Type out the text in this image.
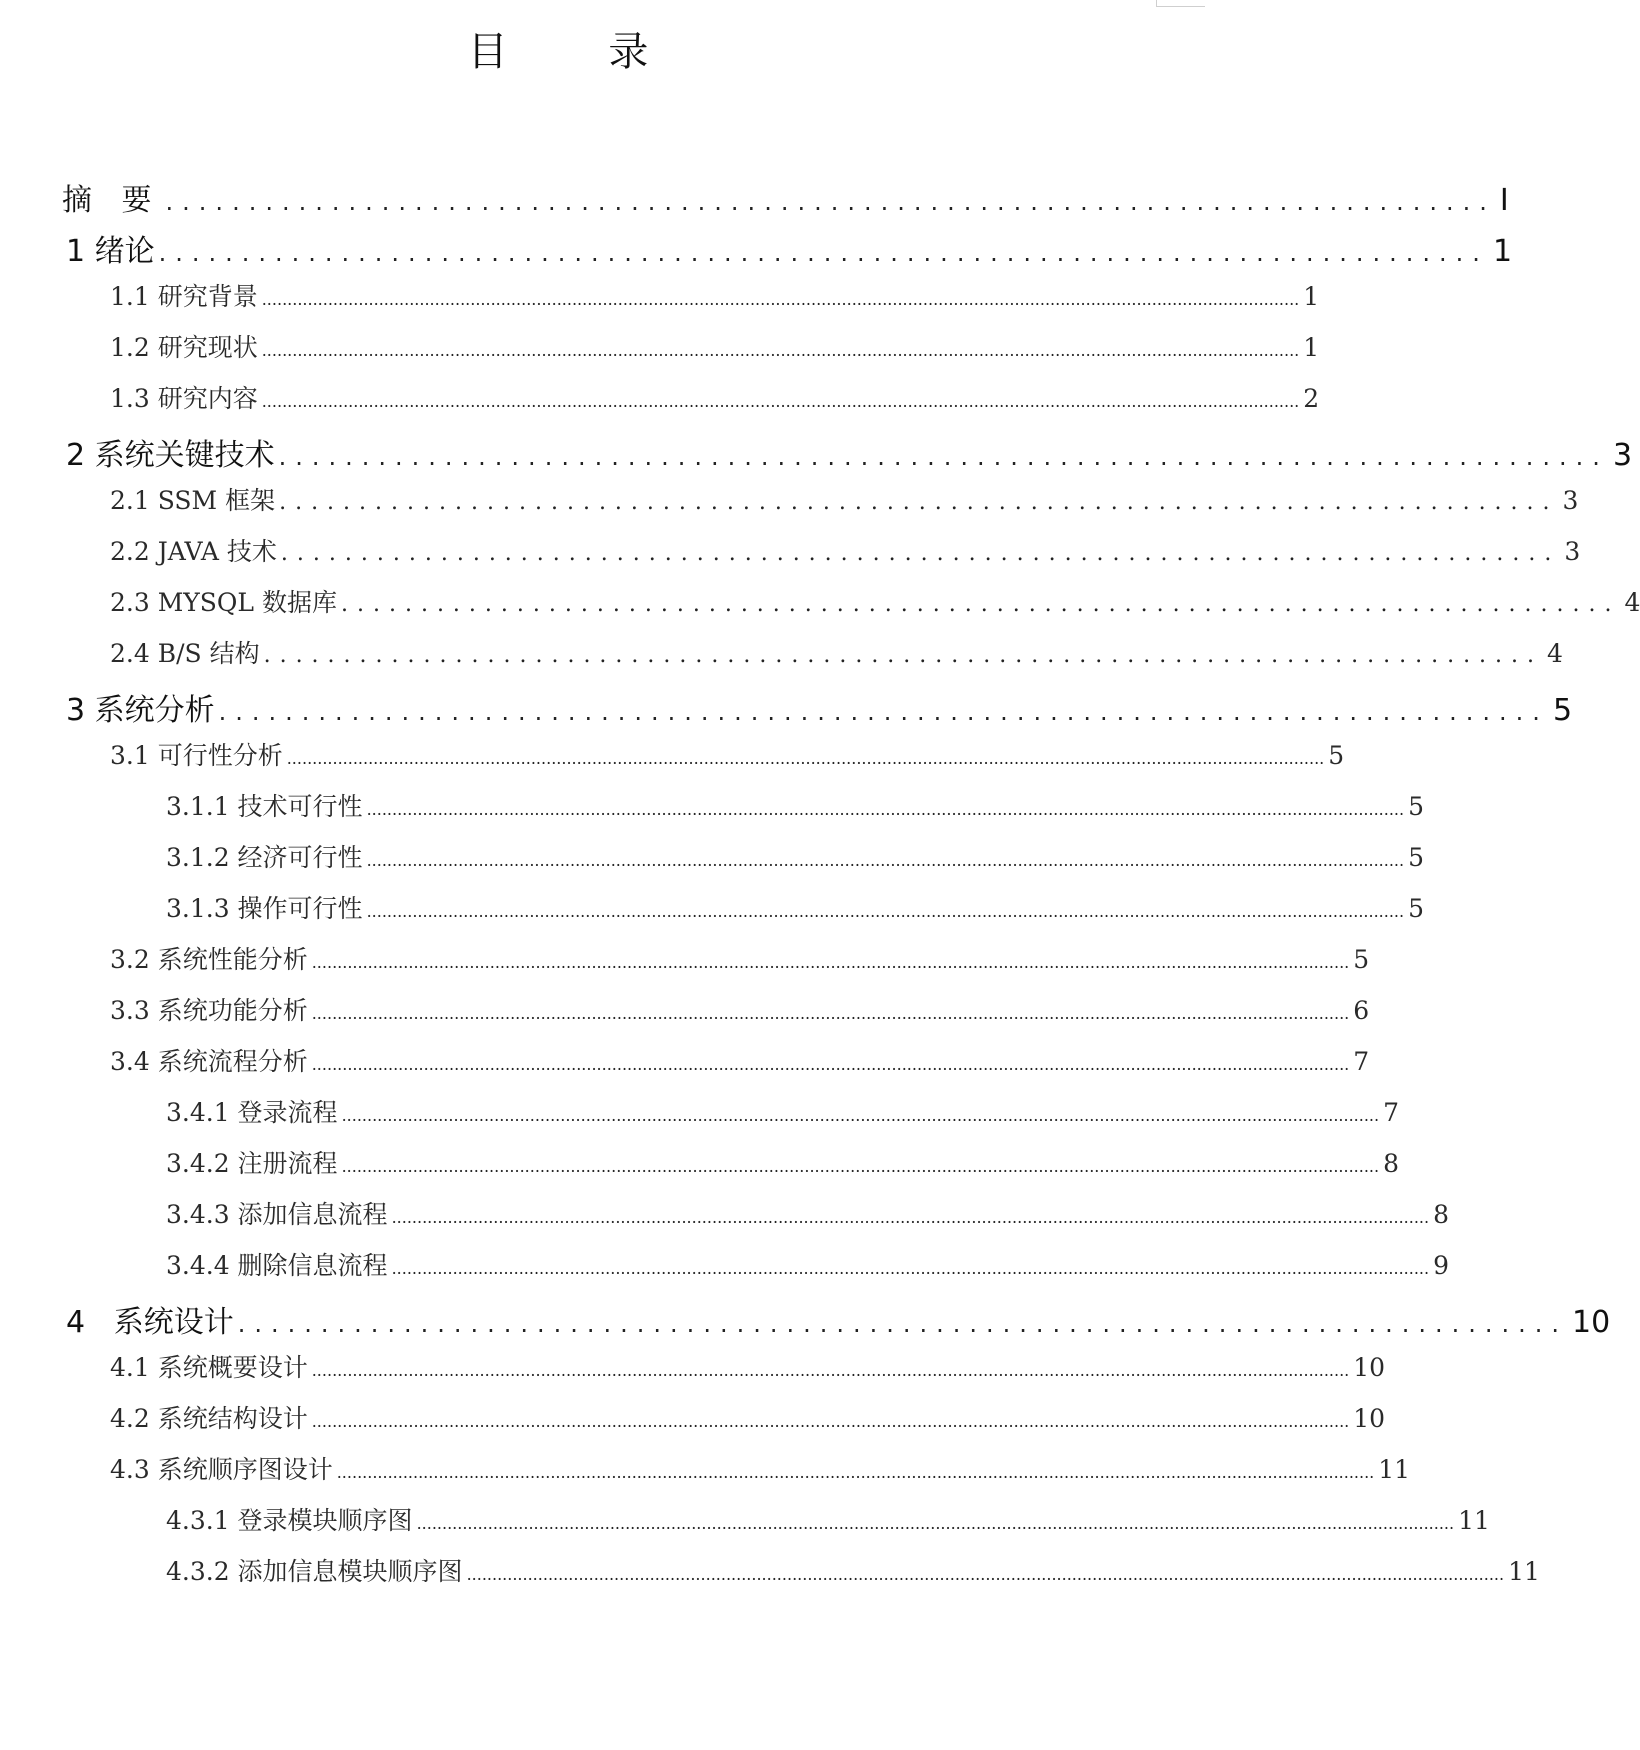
目 录
摘 要 ................................................................................ I
1 绪论 ................................................................................ 1
1.1 研究背景 ............................................................................................................................................................................................................ 1
1.2 研究现状 ............................................................................................................................................................................................................ 1
1.3 研究内容 ............................................................................................................................................................................................................ 2
2 系统关键技术 ................................................................................ 3
2.1 SSM 框架 ................................................................................ 3
2.2 JAVA 技术 ................................................................................ 3
2.3 MYSQL 数据库 ................................................................................ 4
2.4 B/S 结构 ................................................................................ 4
3 系统分析 ................................................................................ 5
3.1 可行性分析 ............................................................................................................................................................................................................ 5
3.1.1 技术可行性 ............................................................................................................................................................................................................ 5
3.1.2 经济可行性 ............................................................................................................................................................................................................ 5
3.1.3 操作可行性 ............................................................................................................................................................................................................ 5
3.2 系统性能分析 ............................................................................................................................................................................................................ 5
3.3 系统功能分析 ............................................................................................................................................................................................................ 6
3.4 系统流程分析 ............................................................................................................................................................................................................ 7
3.4.1 登录流程 ............................................................................................................................................................................................................ 7
3.4.2 注册流程 ............................................................................................................................................................................................................ 8
3.4.3 添加信息流程 ............................................................................................................................................................................................................ 8
3.4.4 删除信息流程 ............................................................................................................................................................................................................ 9
4   系统设计 ................................................................................ 10
4.1 系统概要设计 ............................................................................................................................................................................................................ 10
4.2 系统结构设计 ............................................................................................................................................................................................................ 10
4.3 系统顺序图设计 ............................................................................................................................................................................................................ 11
4.3.1 登录模块顺序图 ............................................................................................................................................................................................................ 11
4.3.2 添加信息模块顺序图 ............................................................................................................................................................................................................ 11
